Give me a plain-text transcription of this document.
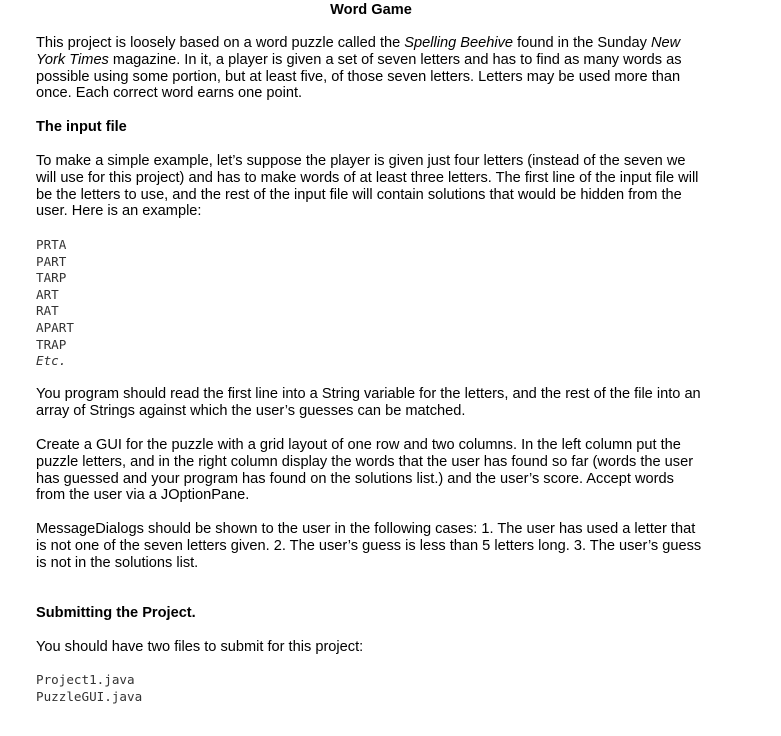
Word Game

This project is loosely based on a word puzzle called the Spelling Beehive found in the Sunday New York Times magazine. In it, a player is given a set of seven letters and has to find as many words as possible using some portion, but at least five, of those seven letters. Letters may be used more than once. Each correct word earns one point.

The input file

To make a simple example, let’s suppose the player is given just four letters (instead of the seven we will use for this project) and has to make words of at least three letters. The first line of the input file will be the letters to use, and the rest of the input file will contain solutions that would be hidden from the user. Here is an example:

PRTA
PART
TARP
ART
RAT
APART
TRAP
Etc.

You program should read the first line into a String variable for the letters, and the rest of the file into an array of Strings against which the user’s guesses can be matched.

Create a GUI for the puzzle with a grid layout of one row and two columns. In the left column put the puzzle letters, and in the right column display the words that the user has found so far (words the user has guessed and your program has found on the solutions list.) and the user’s score. Accept words from the user via a JOptionPane.

MessageDialogs should be shown to the user in the following cases: 1. The user has used a letter that is not one of the seven letters given. 2. The user’s guess is less than 5 letters long. 3. The user’s guess is not in the solutions list.

Submitting the Project.

You should have two files to submit for this project:

Project1.java
PuzzleGUI.java
